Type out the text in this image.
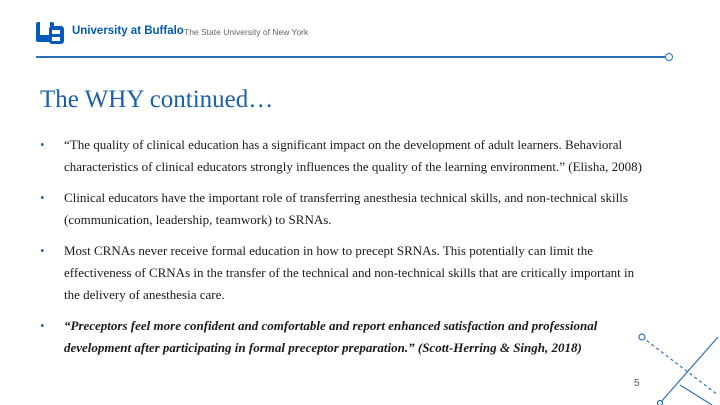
University at Buffalo The State University of New York
The WHY continued…
• “The quality of clinical education has a significant impact on the development of adult learners. Behavioral characteristics of clinical educators strongly influences the quality of the learning environment.” (Elisha, 2008)
• Clinical educators have the important role of transferring anesthesia technical skills, and non-technical skills (communication, leadership, teamwork) to SRNAs.
• Most CRNAs never receive formal education in how to precept SRNAs. This potentially can limit the effectiveness of CRNAs in the transfer of the technical and non-technical skills that are critically important in the delivery of anesthesia care.
• “Preceptors feel more confident and comfortable and report enhanced satisfaction and professional development after participating in formal preceptor preparation.” (Scott-Herring & Singh, 2018)
5
